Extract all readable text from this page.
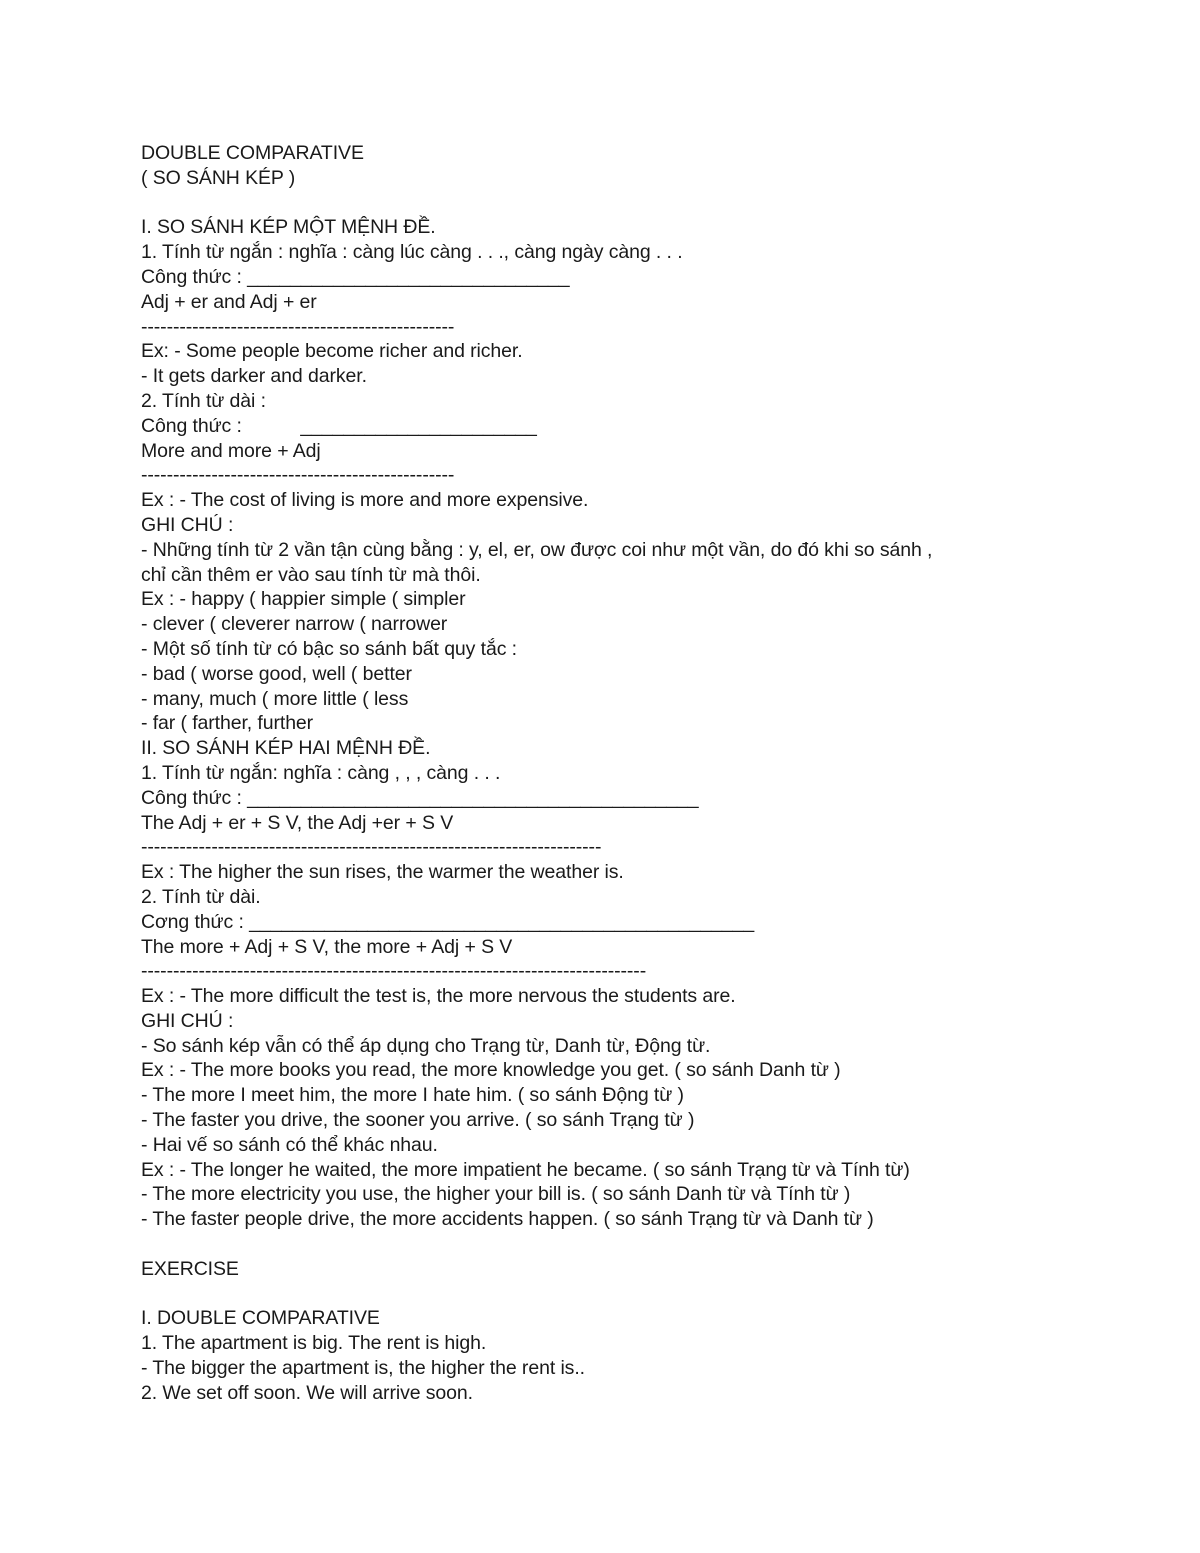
DOUBLE COMPARATIVE
( SO SÁNH KÉP )
I. SO SÁNH KÉP MỘT MỆNH ĐỀ.
1. Tính từ ngắn : nghĩa : càng lúc càng . . ., càng ngày càng . . .
Công thức : ______________________________
Adj + er and Adj + er
-------------------------------------------------
Ex: - Some people become richer and richer.
- It gets darker and darker.
2. Tính từ dài :
Công thức :           ______________________
More and more + Adj
-------------------------------------------------
Ex : - The cost of living is more and more expensive.
GHI CHÚ :
- Những tính từ 2 vần tận cùng bằng : y, el, er, ow được coi như một vần, do đó khi so sánh ,
chỉ cần thêm er vào sau tính từ mà thôi.
Ex : - happy ( happier simple ( simpler
- clever ( cleverer narrow ( narrower
- Một số tính từ có bậc so sánh bất quy tắc :
- bad ( worse good, well ( better
- many, much ( more little ( less
- far ( farther, further
II. SO SÁNH KÉP HAI MỆNH ĐỀ.
1. Tính từ ngắn: nghĩa : càng , , , càng . . .
Công thức : __________________________________________
The Adj + er + S V, the Adj +er + S V
------------------------------------------------------------------------
Ex : The higher the sun rises, the warmer the weather is.
2. Tính từ dài.
Cơng thức : _______________________________________________
The more + Adj + S V, the more + Adj + S V
-------------------------------------------------------------------------------
Ex : - The more difficult the test is, the more nervous the students are.
GHI CHÚ :
- So sánh kép vẫn có thể áp dụng cho Trạng từ, Danh từ, Động từ.
Ex : - The more books you read, the more knowledge you get. ( so sánh Danh từ )
- The more I meet him, the more I hate him. ( so sánh Động từ )
- The faster you drive, the sooner you arrive. ( so sánh Trạng từ )
- Hai vế so sánh có thể khác nhau.
Ex : - The longer he waited, the more impatient he became. ( so sánh Trạng từ và Tính từ)
- The more electricity you use, the higher your bill is. ( so sánh Danh từ và Tính từ )
- The faster people drive, the more accidents happen. ( so sánh Trạng từ và Danh từ )
EXERCISE
I. DOUBLE COMPARATIVE
1. The apartment is big. The rent is high.
- The bigger the apartment is, the higher the rent is..
2. We set off soon. We will arrive soon.
